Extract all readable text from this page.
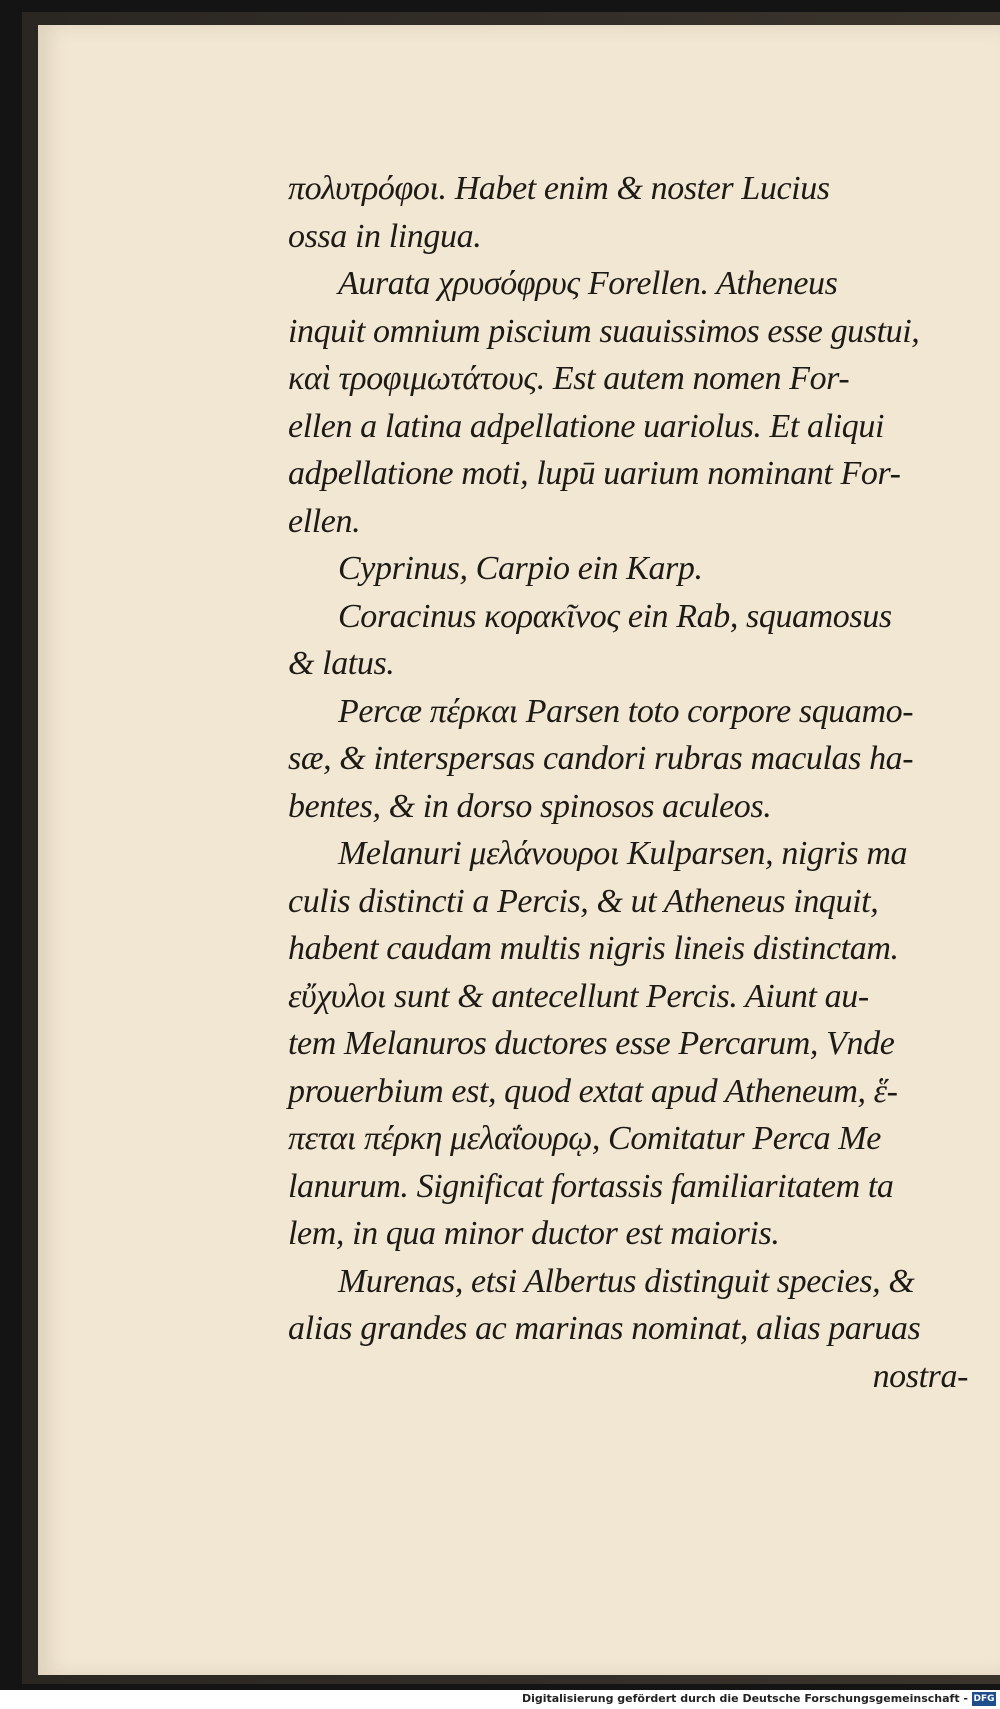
πολυτρόφοι. Habet enim & noster Lucius
ossa in lingua.
Aurata χρυσόφρυς Forellen. Atheneus
inquit omnium piscium suauissimos esse gustui,
καὶ τροφιμωτάτους. Est autem nomen For-
ellen a latina adpellatione uariolus. Et aliqui
adpellatione moti, lupū uarium nominant For-
ellen.
Cyprinus, Carpio ein Karp.
Coracinus κορακῖνος ein Rab, squamosus
& latus.
Percæ πέρκαι Parsen toto corpore squamo-
sæ, & interspersas candori rubras maculas ha-
bentes, & in dorso spinosos aculeos.
Melanuri μελάνουροι Kulparsen, nigris ma
culis distincti a Percis, & ut Atheneus inquit,
habent caudam multis nigris lineis distinctam.
εὔχυλοι sunt & antecellunt Percis. Aiunt au-
tem Melanuros ductores esse Percarum, Vnde
prouerbium est, quod extat apud Atheneum, ἕ-
πεται πέρκη μελαΐουρῳ, Comitatur Perca Me
lanurum. Significat fortassis familiaritatem ta
lem, in qua minor ductor est maioris.
Murenas, etsi Albertus distinguit species, &
alias grandes ac marinas nominat, alias paruas
nostra-
Digitalisierung gefördert durch die Deutsche Forschungsgemeinschaft - DFG
